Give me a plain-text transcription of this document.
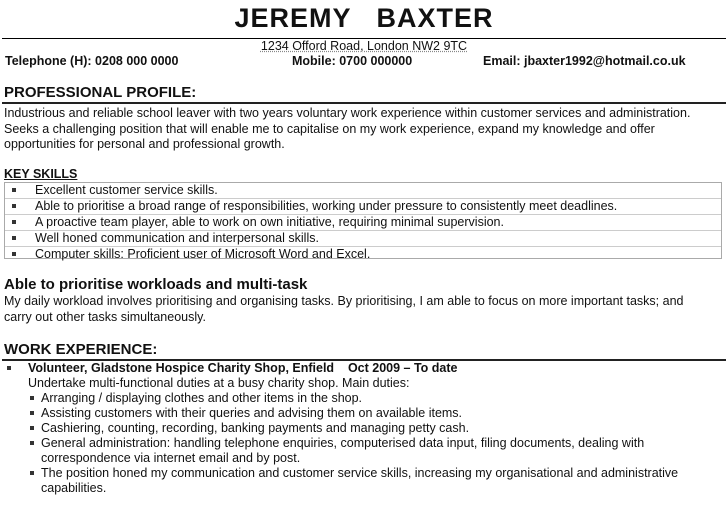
JEREMY   BAXTER
1234 Offord Road, London NW2 9TC
Telephone (H): 0208 000 0000	Mobile: 0700 000000	Email: jbaxter1992@hotmail.co.uk
PROFESSIONAL PROFILE:
Industrious and reliable school leaver with two years voluntary work experience within customer services and administration. Seeks a challenging position that will enable me to capitalise on my work experience, expand my knowledge and offer opportunities for personal and professional growth.
KEY SKILLS
Excellent customer service skills.
Able to prioritise a broad range of responsibilities, working under pressure to consistently meet deadlines.
A proactive team player, able to work on own initiative, requiring minimal supervision.
Well honed communication and interpersonal skills.
Computer skills: Proficient user of Microsoft Word and Excel.
Able to prioritise workloads and multi-task
My daily workload involves prioritising and organising tasks. By prioritising, I am able to focus on more important tasks; and carry out other tasks simultaneously.
WORK EXPERIENCE:
Volunteer, Gladstone Hospice Charity Shop, Enfield    Oct 2009 – To date
Undertake multi-functional duties at a busy charity shop. Main duties:
Arranging / displaying clothes and other items in the shop.
Assisting customers with their queries and advising them on available items.
Cashiering, counting, recording, banking payments and managing petty cash.
General administration: handling telephone enquiries, computerised data input, filing documents, dealing with correspondence via internet email and by post.
The position honed my communication and customer service skills, increasing my organisational and administrative capabilities.
